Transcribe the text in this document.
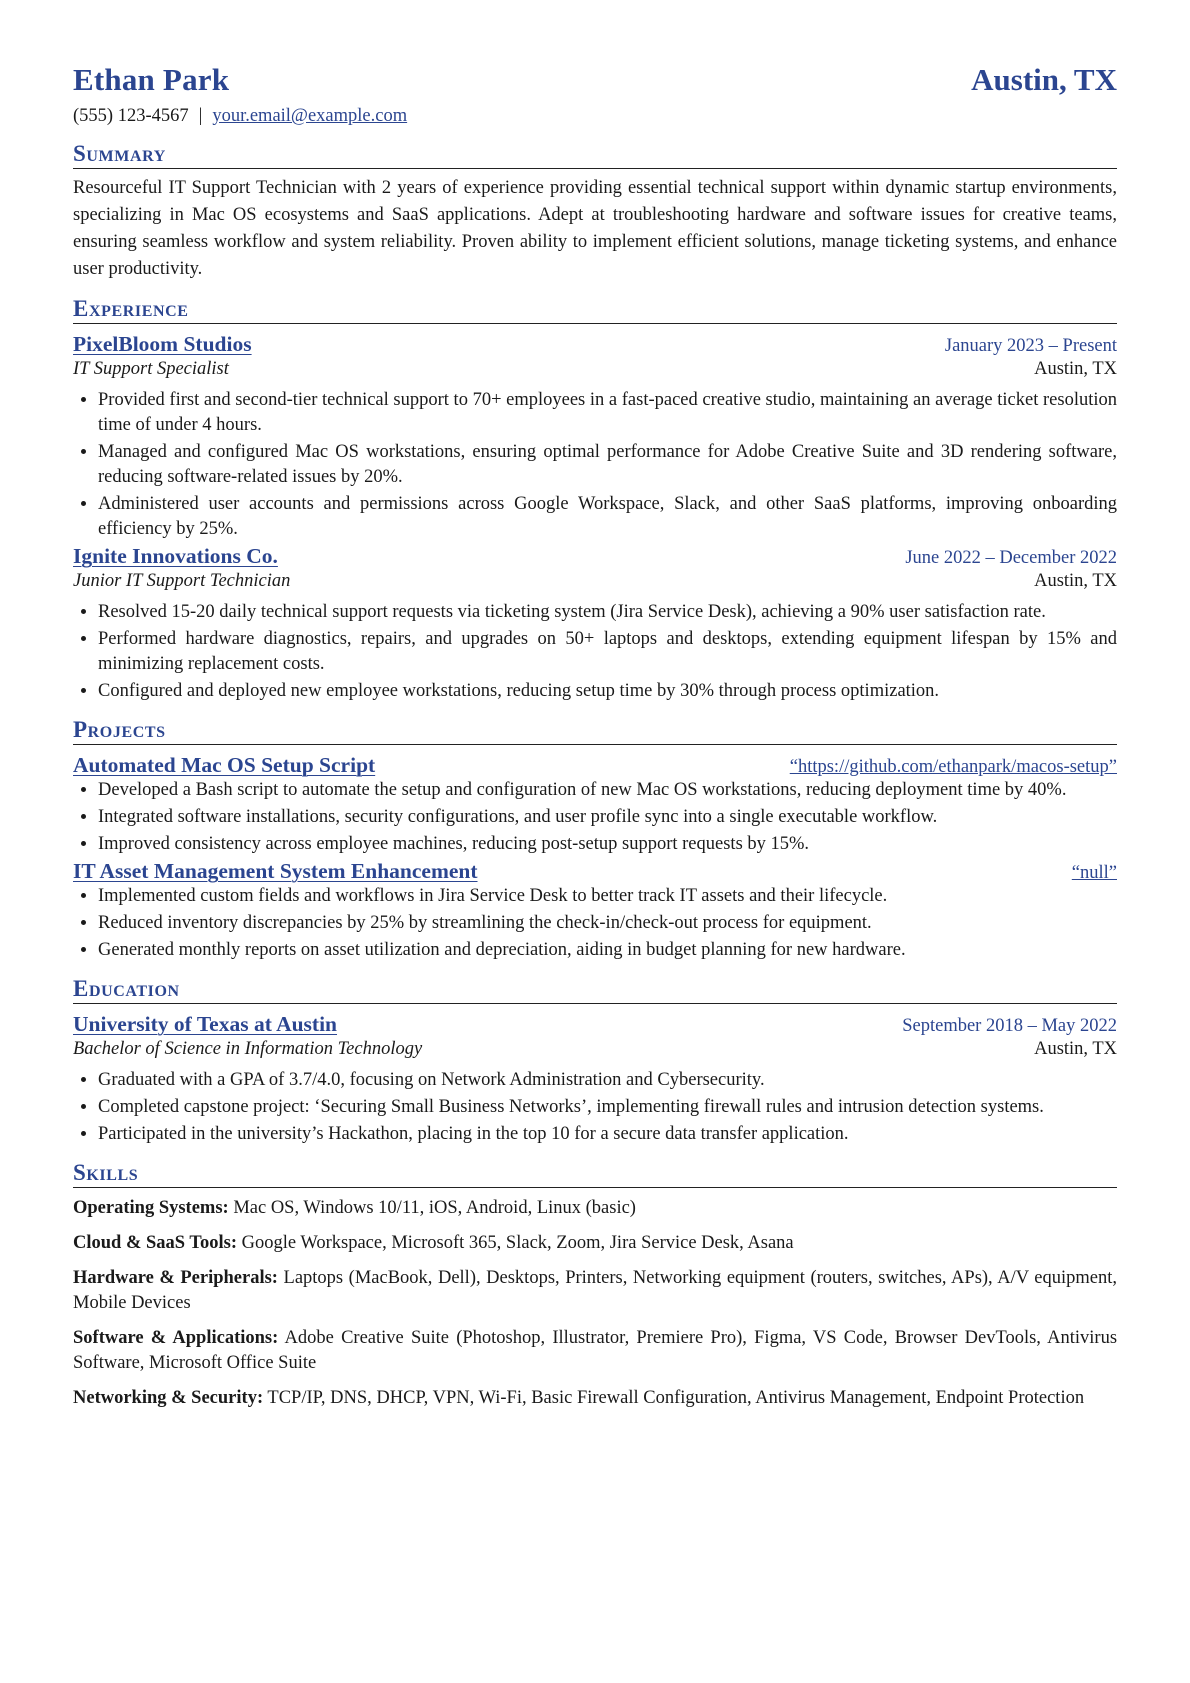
Ethan Park	Austin, TX
(555) 123-4567 | your.email@example.com
Summary
Resourceful IT Support Technician with 2 years of experience providing essential technical support within dynamic startup environments, specializing in Mac OS ecosystems and SaaS applications. Adept at troubleshooting hardware and software issues for creative teams, ensuring seamless workflow and system reliability. Proven ability to implement efficient solutions, manage ticketing systems, and enhance user productivity.
Experience
PixelBloom Studios	January 2023 – Present
IT Support Specialist	Austin, TX
• Provided first and second-tier technical support to 70+ employees in a fast-paced creative studio, maintaining an average ticket resolution time of under 4 hours.
• Managed and configured Mac OS workstations, ensuring optimal performance for Adobe Creative Suite and 3D rendering software, reducing software-related issues by 20%.
• Administered user accounts and permissions across Google Workspace, Slack, and other SaaS platforms, improving onboarding efficiency by 25%.
Ignite Innovations Co.	June 2022 – December 2022
Junior IT Support Technician	Austin, TX
• Resolved 15-20 daily technical support requests via ticketing system (Jira Service Desk), achieving a 90% user satisfaction rate.
• Performed hardware diagnostics, repairs, and upgrades on 50+ laptops and desktops, extending equipment lifespan by 15% and minimizing replacement costs.
• Configured and deployed new employee workstations, reducing setup time by 30% through process optimization.
Projects
Automated Mac OS Setup Script	“https://github.com/ethanpark/macos-setup”
• Developed a Bash script to automate the setup and configuration of new Mac OS workstations, reducing deployment time by 40%.
• Integrated software installations, security configurations, and user profile sync into a single executable workflow.
• Improved consistency across employee machines, reducing post-setup support requests by 15%.
IT Asset Management System Enhancement	“null”
• Implemented custom fields and workflows in Jira Service Desk to better track IT assets and their lifecycle.
• Reduced inventory discrepancies by 25% by streamlining the check-in/check-out process for equipment.
• Generated monthly reports on asset utilization and depreciation, aiding in budget planning for new hardware.
Education
University of Texas at Austin	September 2018 – May 2022
Bachelor of Science in Information Technology	Austin, TX
• Graduated with a GPA of 3.7/4.0, focusing on Network Administration and Cybersecurity.
• Completed capstone project: ‘Securing Small Business Networks’, implementing firewall rules and intrusion detection systems.
• Participated in the university’s Hackathon, placing in the top 10 for a secure data transfer application.
Skills
Operating Systems: Mac OS, Windows 10/11, iOS, Android, Linux (basic)
Cloud & SaaS Tools: Google Workspace, Microsoft 365, Slack, Zoom, Jira Service Desk, Asana
Hardware & Peripherals: Laptops (MacBook, Dell), Desktops, Printers, Networking equipment (routers, switches, APs), A/V equipment, Mobile Devices
Software & Applications: Adobe Creative Suite (Photoshop, Illustrator, Premiere Pro), Figma, VS Code, Browser DevTools, Antivirus Software, Microsoft Office Suite
Networking & Security: TCP/IP, DNS, DHCP, VPN, Wi-Fi, Basic Firewall Configuration, Antivirus Management, Endpoint Protection
